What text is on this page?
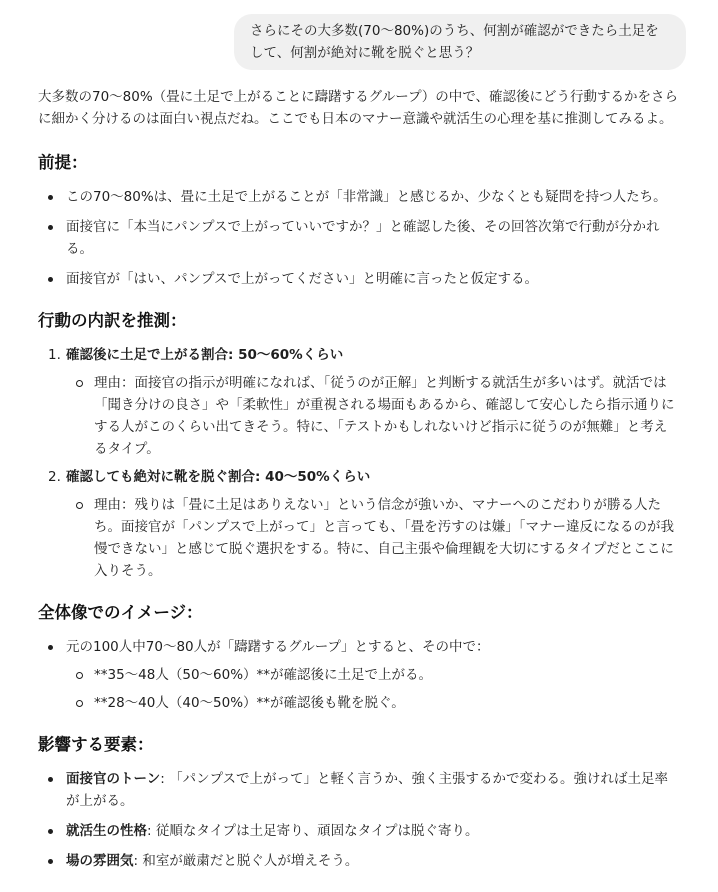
さらにその大多数(70〜80%)のうち、何割が確認ができたら土足をして、何割が絶対に靴を脱ぐと思う？

大多数の70〜80%（畳に土足で上がることに躊躇するグループ）の中で、確認後にどう行動するかをさらに細かく分けるのは面白い視点だね。ここでも日本のマナー意識や就活生の心理を基に推測してみるよ。

前提：
この70〜80%は、畳に土足で上がることが「非常識」と感じるか、少なくとも疑問を持つ人たち。
面接官に「本当にパンプスで上がっていいですか？」と確認した後、その回答次第で行動が分かれる。
面接官が「はい、パンプスで上がってください」と明確に言ったと仮定する。
行動の内訳を推測：
1. 確認後に土足で上がる割合: 50〜60%くらい
理由：面接官の指示が明確になれば、「従うのが正解」と判断する就活生が多いはず。就活では「聞き分けの良さ」や「柔軟性」が重視される場面もあるから、確認して安心したら指示通りにする人がこのくらい出てきそう。特に、「テストかもしれないけど指示に従うのが無難」と考えるタイプ。
2. 確認しても絶対に靴を脱ぐ割合: 40〜50%くらい
理由：残りは「畳に土足はありえない」という信念が強いか、マナーへのこだわりが勝る人たち。面接官が「パンプスで上がって」と言っても、「畳を汚すのは嫌」「マナー違反になるのが我慢できない」と感じて脱ぐ選択をする。特に、自己主張や倫理観を大切にするタイプだとここに入りそう。
全体像でのイメージ：
元の100人中70〜80人が「躊躇するグループ」とすると、その中で：
**35〜48人（50〜60%）**が確認後に土足で上がる。
**28〜40人（40〜50%）**が確認後も靴を脱ぐ。
影響する要素：
面接官のトーン: 「パンプスで上がって」と軽く言うか、強く主張するかで変わる。強ければ土足率が上がる。
就活生の性格: 従順なタイプは土足寄り、頑固なタイプは脱ぐ寄り。
場の雰囲気: 和室が厳粛だと脱ぐ人が増えそう。
